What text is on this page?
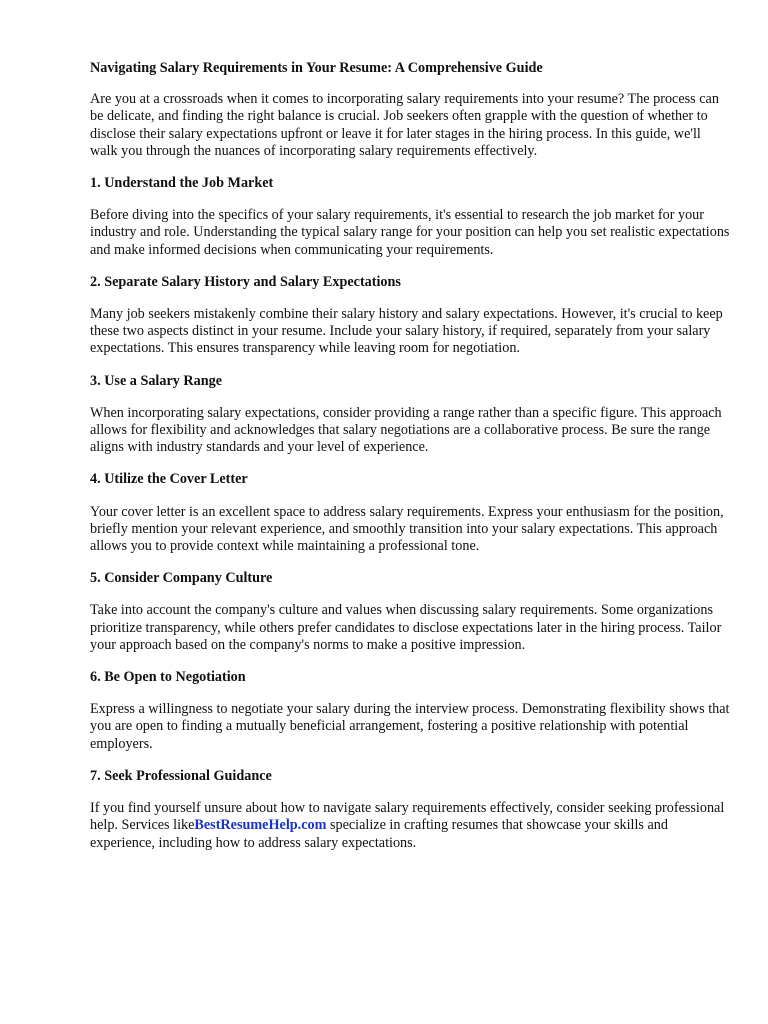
Navigating Salary Requirements in Your Resume: A Comprehensive Guide

Are you at a crossroads when it comes to incorporating salary requirements into your resume? The process can be delicate, and finding the right balance is crucial. Job seekers often grapple with the question of whether to disclose their salary expectations upfront or leave it for later stages in the hiring process. In this guide, we'll walk you through the nuances of incorporating salary requirements effectively.

1. Understand the Job Market

Before diving into the specifics of your salary requirements, it's essential to research the job market for your industry and role. Understanding the typical salary range for your position can help you set realistic expectations and make informed decisions when communicating your requirements.

2. Separate Salary History and Salary Expectations

Many job seekers mistakenly combine their salary history and salary expectations. However, it's crucial to keep these two aspects distinct in your resume. Include your salary history, if required, separately from your salary expectations. This ensures transparency while leaving room for negotiation.

3. Use a Salary Range

When incorporating salary expectations, consider providing a range rather than a specific figure. This approach allows for flexibility and acknowledges that salary negotiations are a collaborative process. Be sure the range aligns with industry standards and your level of experience.

4. Utilize the Cover Letter

Your cover letter is an excellent space to address salary requirements. Express your enthusiasm for the position, briefly mention your relevant experience, and smoothly transition into your salary expectations. This approach allows you to provide context while maintaining a professional tone.

5. Consider Company Culture

Take into account the company's culture and values when discussing salary requirements. Some organizations prioritize transparency, while others prefer candidates to disclose expectations later in the hiring process. Tailor your approach based on the company's norms to make a positive impression.

6. Be Open to Negotiation

Express a willingness to negotiate your salary during the interview process. Demonstrating flexibility shows that you are open to finding a mutually beneficial arrangement, fostering a positive relationship with potential employers.

7. Seek Professional Guidance

If you find yourself unsure about how to navigate salary requirements effectively, consider seeking professional help. Services likeBestResumeHelp.com specialize in crafting resumes that showcase your skills and experience, including how to address salary expectations.
